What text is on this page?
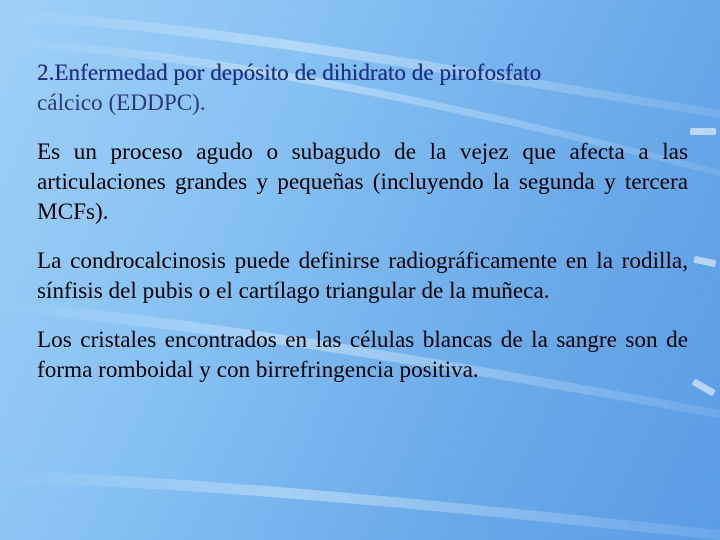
2.Enfermedad por depósito de dihidrato de pirofosfato
cálcico (EDDPC).

Es un proceso agudo o subagudo de la vejez que afecta a las articulaciones grandes y pequeñas (incluyendo la segunda y tercera MCFs).

La condrocalcinosis puede definirse radiográficamente en la rodilla, sínfisis del pubis o el cartílago triangular de la muñeca.

Los cristales encontrados en las células blancas de la sangre son de forma romboidal y con birrefringencia positiva.
